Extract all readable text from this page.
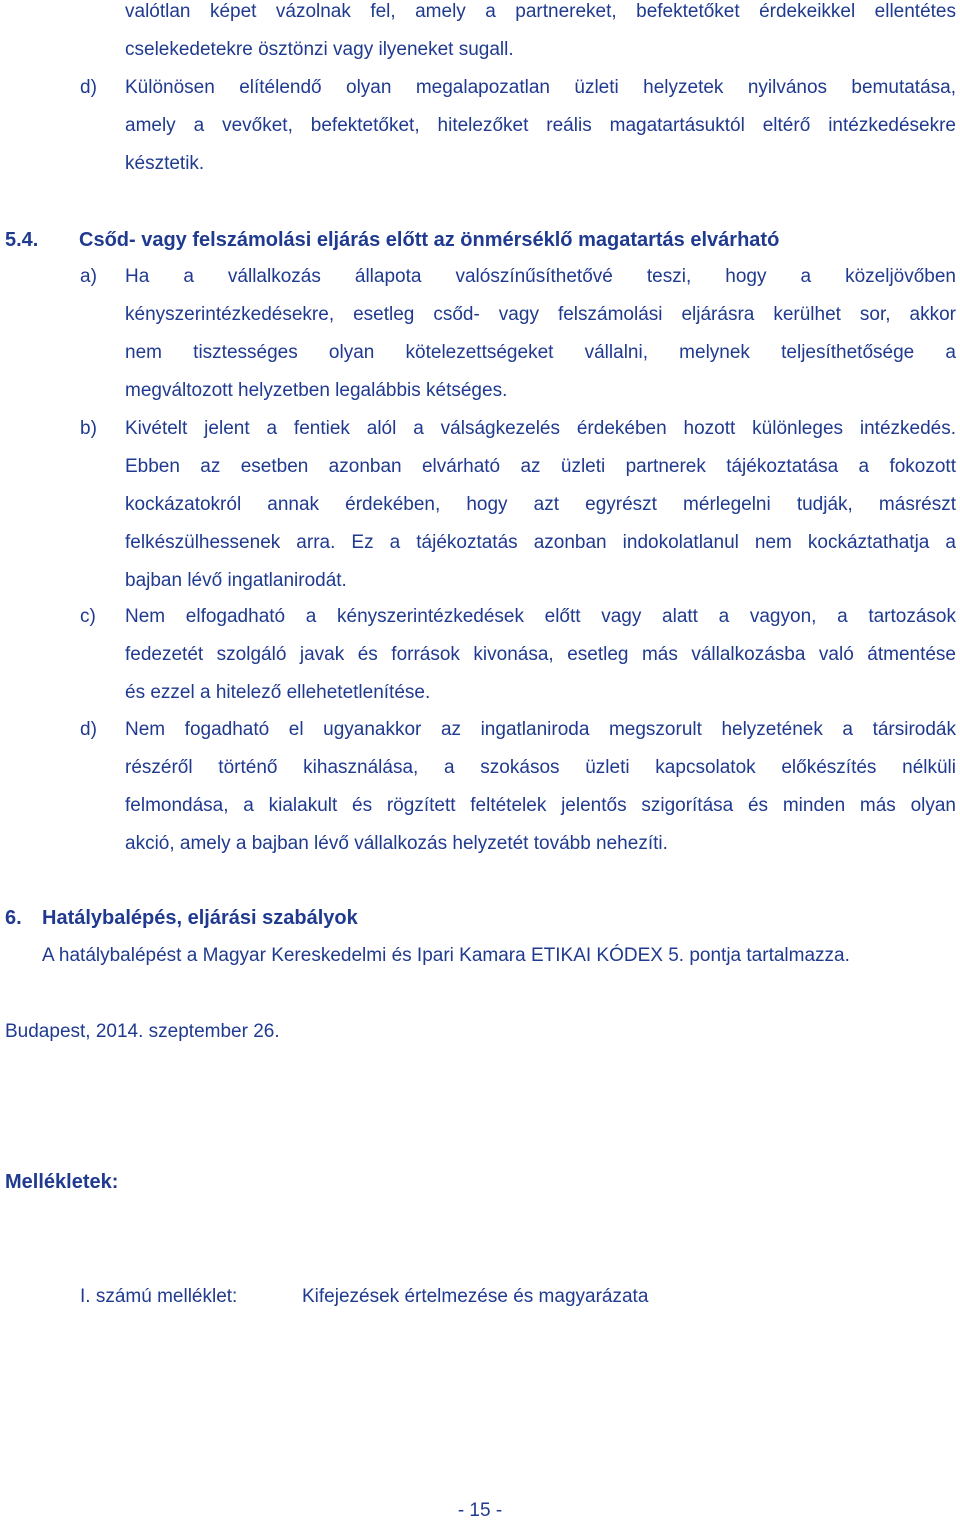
valótlan képet vázolnak fel, amely a partnereket, befektetőket érdekeikkel ellentétes
cselekedetekre ösztönzi vagy ilyeneket sugall.
d) Különösen elítélendő olyan megalapozatlan üzleti helyzetek nyilvános bemutatása,
amely a vevőket, befektetőket, hitelezőket reális magatartásuktól eltérő intézkedésekre
késztetik.
5.4. Csőd- vagy felszámolási eljárás előtt az önmérséklő magatartás elvárható
a) Ha a vállalkozás állapota valószínűsíthetővé teszi, hogy a közeljövőben
kényszerintézkedésekre, esetleg csőd- vagy felszámolási eljárásra kerülhet sor, akkor
nem tisztességes olyan kötelezettségeket vállalni, melynek teljesíthetősége a
megváltozott helyzetben legalábbis kétséges.
b) Kivételt jelent a fentiek alól a válságkezelés érdekében hozott különleges intézkedés.
Ebben az esetben azonban elvárható az üzleti partnerek tájékoztatása a fokozott
kockázatokról annak érdekében, hogy azt egyrészt mérlegelni tudják, másrészt
felkészülhessenek arra. Ez a tájékoztatás azonban indokolatlanul nem kockáztathatja a
bajban lévő ingatlanirodát.
c) Nem elfogadható a kényszerintézkedések előtt vagy alatt a vagyon, a tartozások
fedezetét szolgáló javak és források kivonása, esetleg más vállalkozásba való átmentése
és ezzel a hitelező ellehetetlenítése.
d) Nem fogadható el ugyanakkor az ingatlaniroda megszorult helyzetének a társirodák
részéről történő kihasználása, a szokásos üzleti kapcsolatok előkészítés nélküli
felmondása, a kialakult és rögzített feltételek jelentős szigorítása és minden más olyan
akció, amely a bajban lévő vállalkozás helyzetét tovább nehezíti.
6. Hatálybalépés, eljárási szabályok
A hatálybalépést a Magyar Kereskedelmi és Ipari Kamara ETIKAI KÓDEX 5. pontja tartalmazza.
Budapest, 2014. szeptember 26.
Mellékletek:
I. számú melléklet:	Kifejezések értelmezése és magyarázata
- 15 -
